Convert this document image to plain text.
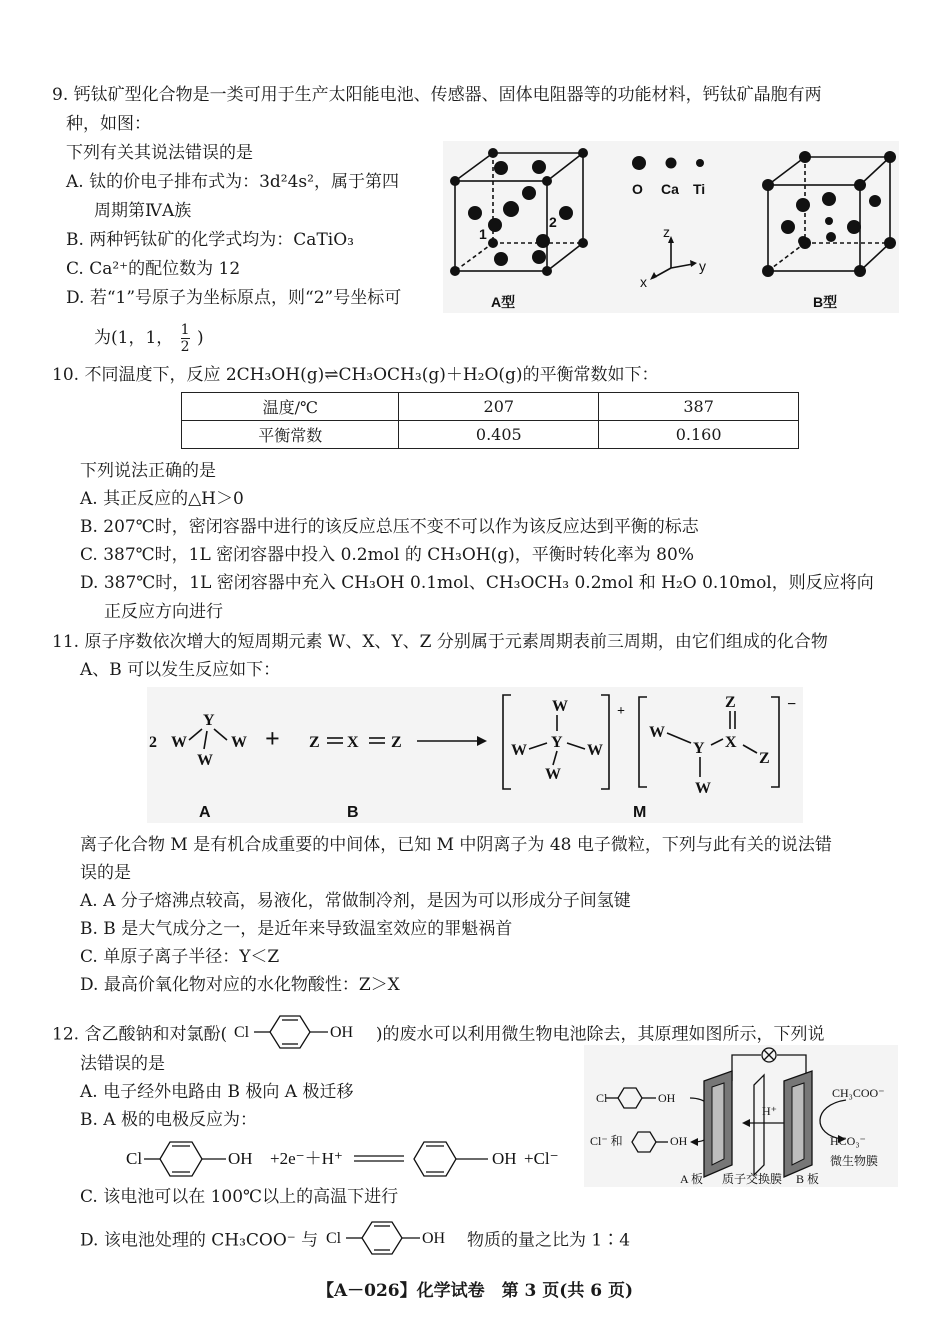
9. 钙钛矿型化合物是一类可用于生产太阳能电池、传感器、固体电阻器等的功能材料，钙钛矿晶胞有两
种，如图：
下列有关其说法错误的是
A. 钛的价电子排布式为：3d²4s²，属于第四
周期第ⅣA族
B. 两种钙钛矿的化学式均为：CaTiO₃
C. Ca²⁺的配位数为 12
D. 若“1”号原子为坐标原点，则“2”号坐标可
为(1，1， $\frac{1}{2}$ )
O Ca Ti
z
y
x
1
2
A型	B型
10. 不同温度下，反应 2CH₃OH(g)⇌CH₃OCH₃(g)＋H₂O(g)的平衡常数如下：
温度/℃	207	387
平衡常数	0.405	0.160
下列说法正确的是
A. 其正反应的△H＞0
B. 207℃时，密闭容器中进行的该反应总压不变不可以作为该反应达到平衡的标志
C. 387℃时，1L 密闭容器中投入 0.2mol 的 CH₃OH(g)，平衡时转化率为 80%
D. 387℃时，1L 密闭容器中充入 CH₃OH 0.1mol、CH₃OCH₃ 0.2mol 和 H₂O 0.10mol，则反应将向
正反应方向进行
11. 原子序数依次增大的短周期元素 W、X、Y、Z 分别属于元素周期表前三周期，由它们组成的化合物
A、B 可以发生反应如下：
2
Y
W	W
W
+ Z X Z
W
W Y W
W
+
W
Y
Z
X
Z
W
−
A	B	M
离子化合物 M 是有机合成重要的中间体，已知 M 中阴离子为 48 电子微粒，下列与此有关的说法错
误的是
A. A 分子熔沸点较高，易液化，常做制冷剂，是因为可以形成分子间氢键
B. B 是大气成分之一，是近年来导致温室效应的罪魁祸首
C. 单原子离子半径：Y＜Z
D. 最高价氧化物对应的水化物酸性：Z＞X
12. 含乙酸钠和对氯酚( Cl	OH )的废水可以利用微生物电池除去，其原理如图所示，下列说
法错误的是
A. 电子经外电路由 B 极向 A 极迁移
B. A 极的电极反应为：
Cl	OH +2e⁻＋H⁺	OH +Cl⁻
C. 该电池可以在 100℃以上的高温下进行
D. 该电池处理的 CH₃COO⁻ 与 Cl	OH 物质的量之比为 1∶4
Cl	OH
Cl⁻ 和	OH
H⁺
CH₃COO⁻
HCO₃⁻
微生物膜
A 板 质子交换膜 B 板
【A－026】化学试卷　第 3 页(共 6 页)
